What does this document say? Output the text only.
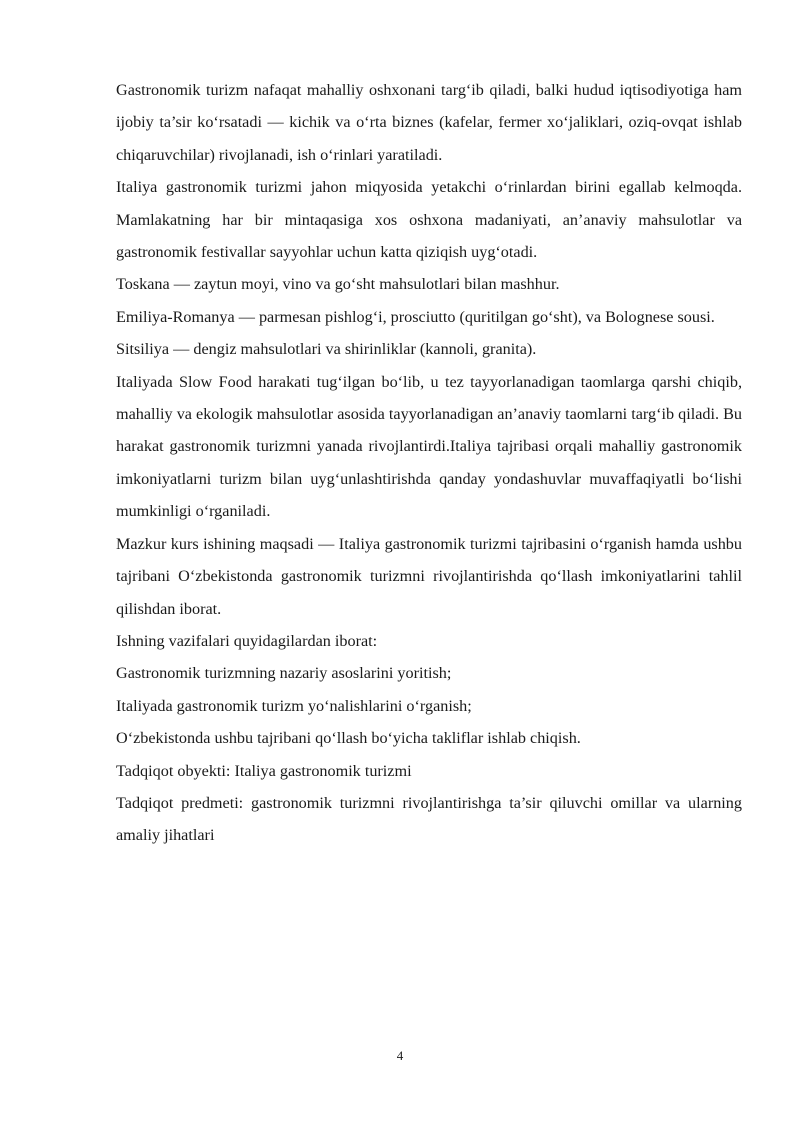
Gastronomik turizm nafaqat mahalliy oshxonani targ‘ib qiladi, balki hudud iqtisodiyotiga ham ijobiy ta’sir ko‘rsatadi — kichik va o‘rta biznes (kafelar, fermer xo‘jaliklari, oziq-ovqat ishlab chiqaruvchilar) rivojlanadi, ish o‘rinlari yaratiladi.

Italiya gastronomik turizmi jahon miqyosida yetakchi o‘rinlardan birini egallab kelmoqda. Mamlakatning har bir mintaqasiga xos oshxona madaniyati, an’anaviy mahsulotlar va gastronomik festivallar sayyohlar uchun katta qiziqish uyg‘otadi.

Toskana — zaytun moyi, vino va go‘sht mahsulotlari bilan mashhur.

Emiliya-Romanya — parmesan pishlog‘i, prosciutto (quritilgan go‘sht), va Bolognese sousi.

Sitsiliya — dengiz mahsulotlari va shirinliklar (kannoli, granita).

Italiyada Slow Food harakati tug‘ilgan bo‘lib, u tez tayyorlanadigan taomlarga qarshi chiqib, mahalliy va ekologik mahsulotlar asosida tayyorlanadigan an’anaviy taomlarni targ‘ib qiladi. Bu harakat gastronomik turizmni yanada rivojlantirdi.Italiya tajribasi orqali mahalliy gastronomik imkoniyatlarni turizm bilan uyg‘unlashtirishda qanday yondashuvlar muvaffaqiyatli bo‘lishi mumkinligi o‘rganiladi.

Mazkur kurs ishining maqsadi — Italiya gastronomik turizmi tajribasini o‘rganish hamda ushbu tajribani O‘zbekistonda gastronomik turizmni rivojlantirishda qo‘llash imkoniyatlarini tahlil qilishdan iborat.

Ishning vazifalari quyidagilardan iborat:

Gastronomik turizmning nazariy asoslarini yoritish;

Italiyada gastronomik turizm yo‘nalishlarini o‘rganish;

O‘zbekistonda ushbu tajribani qo‘llash bo‘yicha takliflar ishlab chiqish.

Tadqiqot obyekti: Italiya gastronomik turizmi

Tadqiqot predmeti: gastronomik turizmni rivojlantirishga ta’sir qiluvchi omillar va ularning amaliy jihatlari

4
